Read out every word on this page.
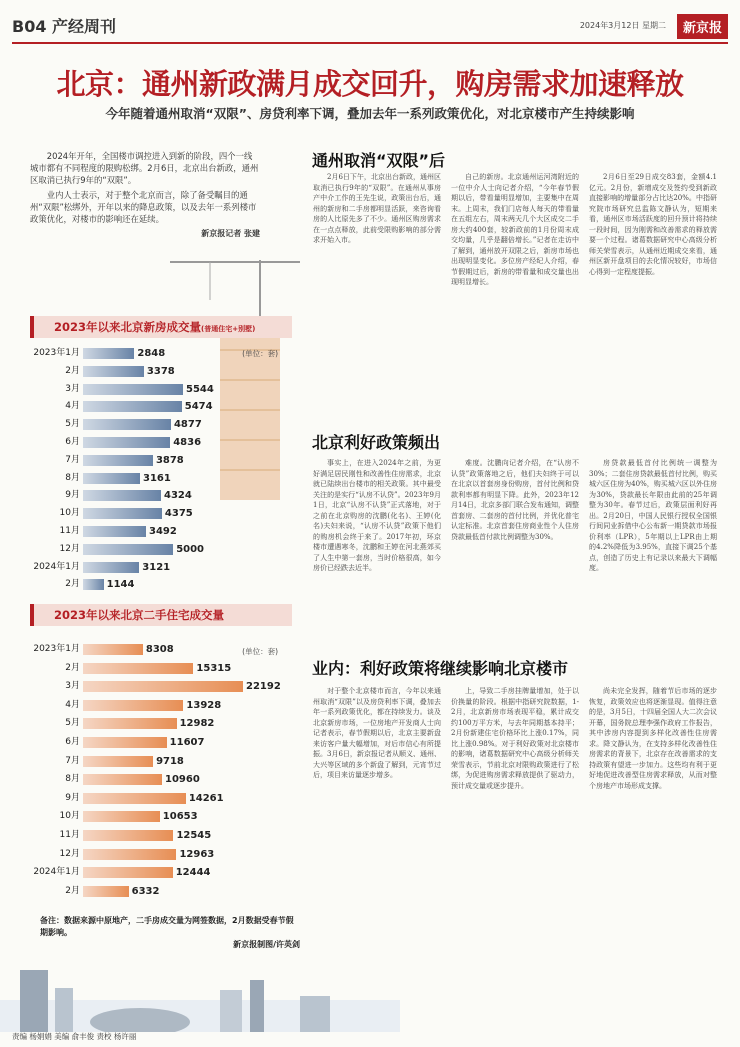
B04 产经周刊	2024年3月12日 星期二	新京报
北京：通州新政满月成交回升，购房需求加速释放
今年随着通州取消“双限”、房贷利率下调，叠加去年一系列政策优化，对北京楼市产生持续影响

2024年开年，全国楼市调控进入到新的阶段，四个一线城市都有不同程度的限购松绑。2月6日，北京出台新政，通州区取消已执行9年的“双限”。

业内人士表示，对于整个北京而言，除了备受瞩目的通州“双限”松绑外，开年以来的降息政策，以及去年一系列楼市政策优化，对楼市的影响还在延续。

新京报记者 张建
2023年以来北京新房成交量(普通住宅+别墅)
(单位：套)
2023年1月	2848
2月	3378
3月	5544
4月	5474
5月	4877
6月	4836
7月	3878
8月	3161
9月	4324
10月	4375
11月	3492
12月	5000
2024年1月	3121
2月	1144
2023年以来北京二手住宅成交量
(单位：套)
2023年1月	8308
2月	15315
3月	22192
4月	13928
5月	12982
6月	11607
7月	9718
8月	10960
9月	14261
10月	10653
11月	12545
12月	12963
2024年1月	12444
2月	6332
备注：数据来源中原地产，二手房成交量为网签数据，2月数据受春节假期影响。
新京报制图/许英剑
通州取消“双限”后

2月6日下午，北京出台新政，通州区取消已执行9年的“双限”。在通州从事房产中介工作的王先生说，政策出台后，通州的新房和二手房都明显活跃，来咨询看房的人比原先多了不少。通州区购房需求在一点点释放，此前受限购影响的部分需求开始入市。

自己的新房。北京通州运河湾附近的一位中介人士向记者介绍，“今年春节假期以后，带看量明显增加，主要集中在周末。上周末，我们门店每人每天的带看量在五组左右，周末两天几个大区成交二手房大约400套，较新政前的1月份周末成交均量，几乎是翻倍增长。”记者在走访中了解到，通州放开双限之后，新房市场也出现明显变化。多位房产经纪人介绍，春节假期过后，新房的带看量和成交量也出现明显增长。

2月6日至29日成交83套，金额4.1亿元。2月份，新增成交及签约受到新政直接影响的增量部分占比达20%。中指研究院市场研究总监陈文静认为，短期来看，通州区市场活跃度的回升预计将持续一段时间，因为刚需和改善需求的释放需要一个过程。诸葛数据研究中心高级分析师关荣雪表示，从通州近期成交来看，通州区新开盘项目的去化情况较好，市场信心得到一定程度提振。

北京利好政策频出

事实上，在进入2024年之前，为更好满足居民刚性和改善性住房需求，北京就已陆续出台楼市的相关政策。其中最受关注的是实行“认房不认贷”。2023年9月1日，北京“认房不认贷”正式落地，对于之前在北京购房的沈鹏(化名)、王婷(化名)夫妇来说，“认房不认贷”政策下他们的购房机会终于来了。2017年初，环京楼市遭遇寒冬，沈鹏和王婷在河北燕郊买了人生中第一套房，当时价格很高，如今房价已经跌去近半。

难度。沈鹏向记者介绍，在“认房不认贷”政策落地之后，他们夫妇终于可以在北京以首套房身份购房，首付比例和贷款利率都有明显下降。此外，2023年12月14日，北京多部门联合发布通知，调整首套房、二套房的首付比例，并优化普宅认定标准。北京首套住房商业性个人住房贷款最低首付款比例调整为30%。

房贷款最低首付比例统一调整为30%；二套住房贷款最低首付比例，购买城六区住房为40%，购买城六区以外住房为30%，贷款最长年限由此前的25年调整为30年。春节过后，政策层面利好再出。2月20日，中国人民银行授权全国银行间同业拆借中心公布新一期贷款市场报价利率（LPR），5年期以上LPR由上期的4.2%降低为3.95%，直接下调25个基点，创造了历史上有记录以来最大下调幅度。

业内：利好政策将继续影响北京楼市

对于整个北京楼市而言，今年以来通州取消“双限”以及房贷利率下调，叠加去年一系列政策优化，都在持续发力。谈及北京新房市场，一位房地产开发商人士向记者表示，春节假期以后，北京主要新盘来访客户量大幅增加，对后市信心有所提振。3月6日，新京报记者从顺义、通州、大兴等区域的多个新盘了解到，元宵节过后，项目来访量逐步增多。

上，导致二手房挂牌量增加，处于以价换量的阶段。根据中指研究院数据，1-2月，北京新房市场表现平稳，累计成交约100万平方米，与去年同期基本持平；2月份新建住宅价格环比上涨0.17%，同比上涨0.98%。对于利好政策对北京楼市的影响，诸葛数据研究中心高级分析师关荣雪表示，节前北京对限购政策进行了松绑，为促进购房需求释放提供了驱动力，预计成交量或逐步提升。

尚未完全发挥，随着节后市场的逐步恢复，政策效应也将逐渐显现。值得注意的是，3月5日，十四届全国人大二次会议开幕，国务院总理李强作政府工作报告，其中涉房内容提到多样化改善性住房需求。降文静认为，在支持多样化改善性住房需求的背景下，北京存在改善需求的支持政策有望进一步加力。这些均有利于更好地促进改善型住房需求释放，从而对整个房地产市场形成支撑。

责编 杨娟娟 美编 俞丰俊 责校 杨许丽
